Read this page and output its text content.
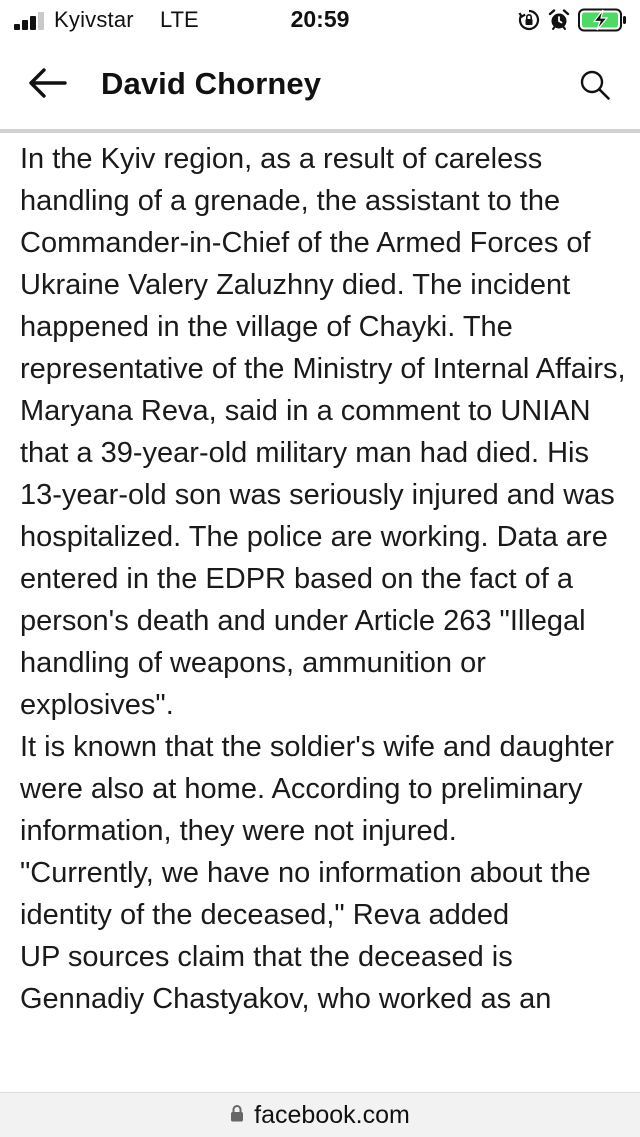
Kyivstar LTE	20:59
David Chorney

In the Kyiv region, as a result of careless handling of a grenade, the assistant to the Commander-in-Chief of the Armed Forces of Ukraine Valery Zaluzhny died. The incident happened in the village of Chayki. The representative of the Ministry of Internal Affairs, Maryana Reva, said in a comment to UNIAN that a 39-year-old military man had died. His 13-year-old son was seriously injured and was hospitalized. The police are working. Data are entered in the EDPR based on the fact of a person's death and under Article 263 "Illegal handling of weapons, ammunition or explosives".

It is known that the soldier's wife and daughter were also at home. According to preliminary information, they were not injured.

"Currently, we have no information about the identity of the deceased," Reva added

UP sources claim that the deceased is Gennadiy Chastyakov, who worked as an

facebook.com
